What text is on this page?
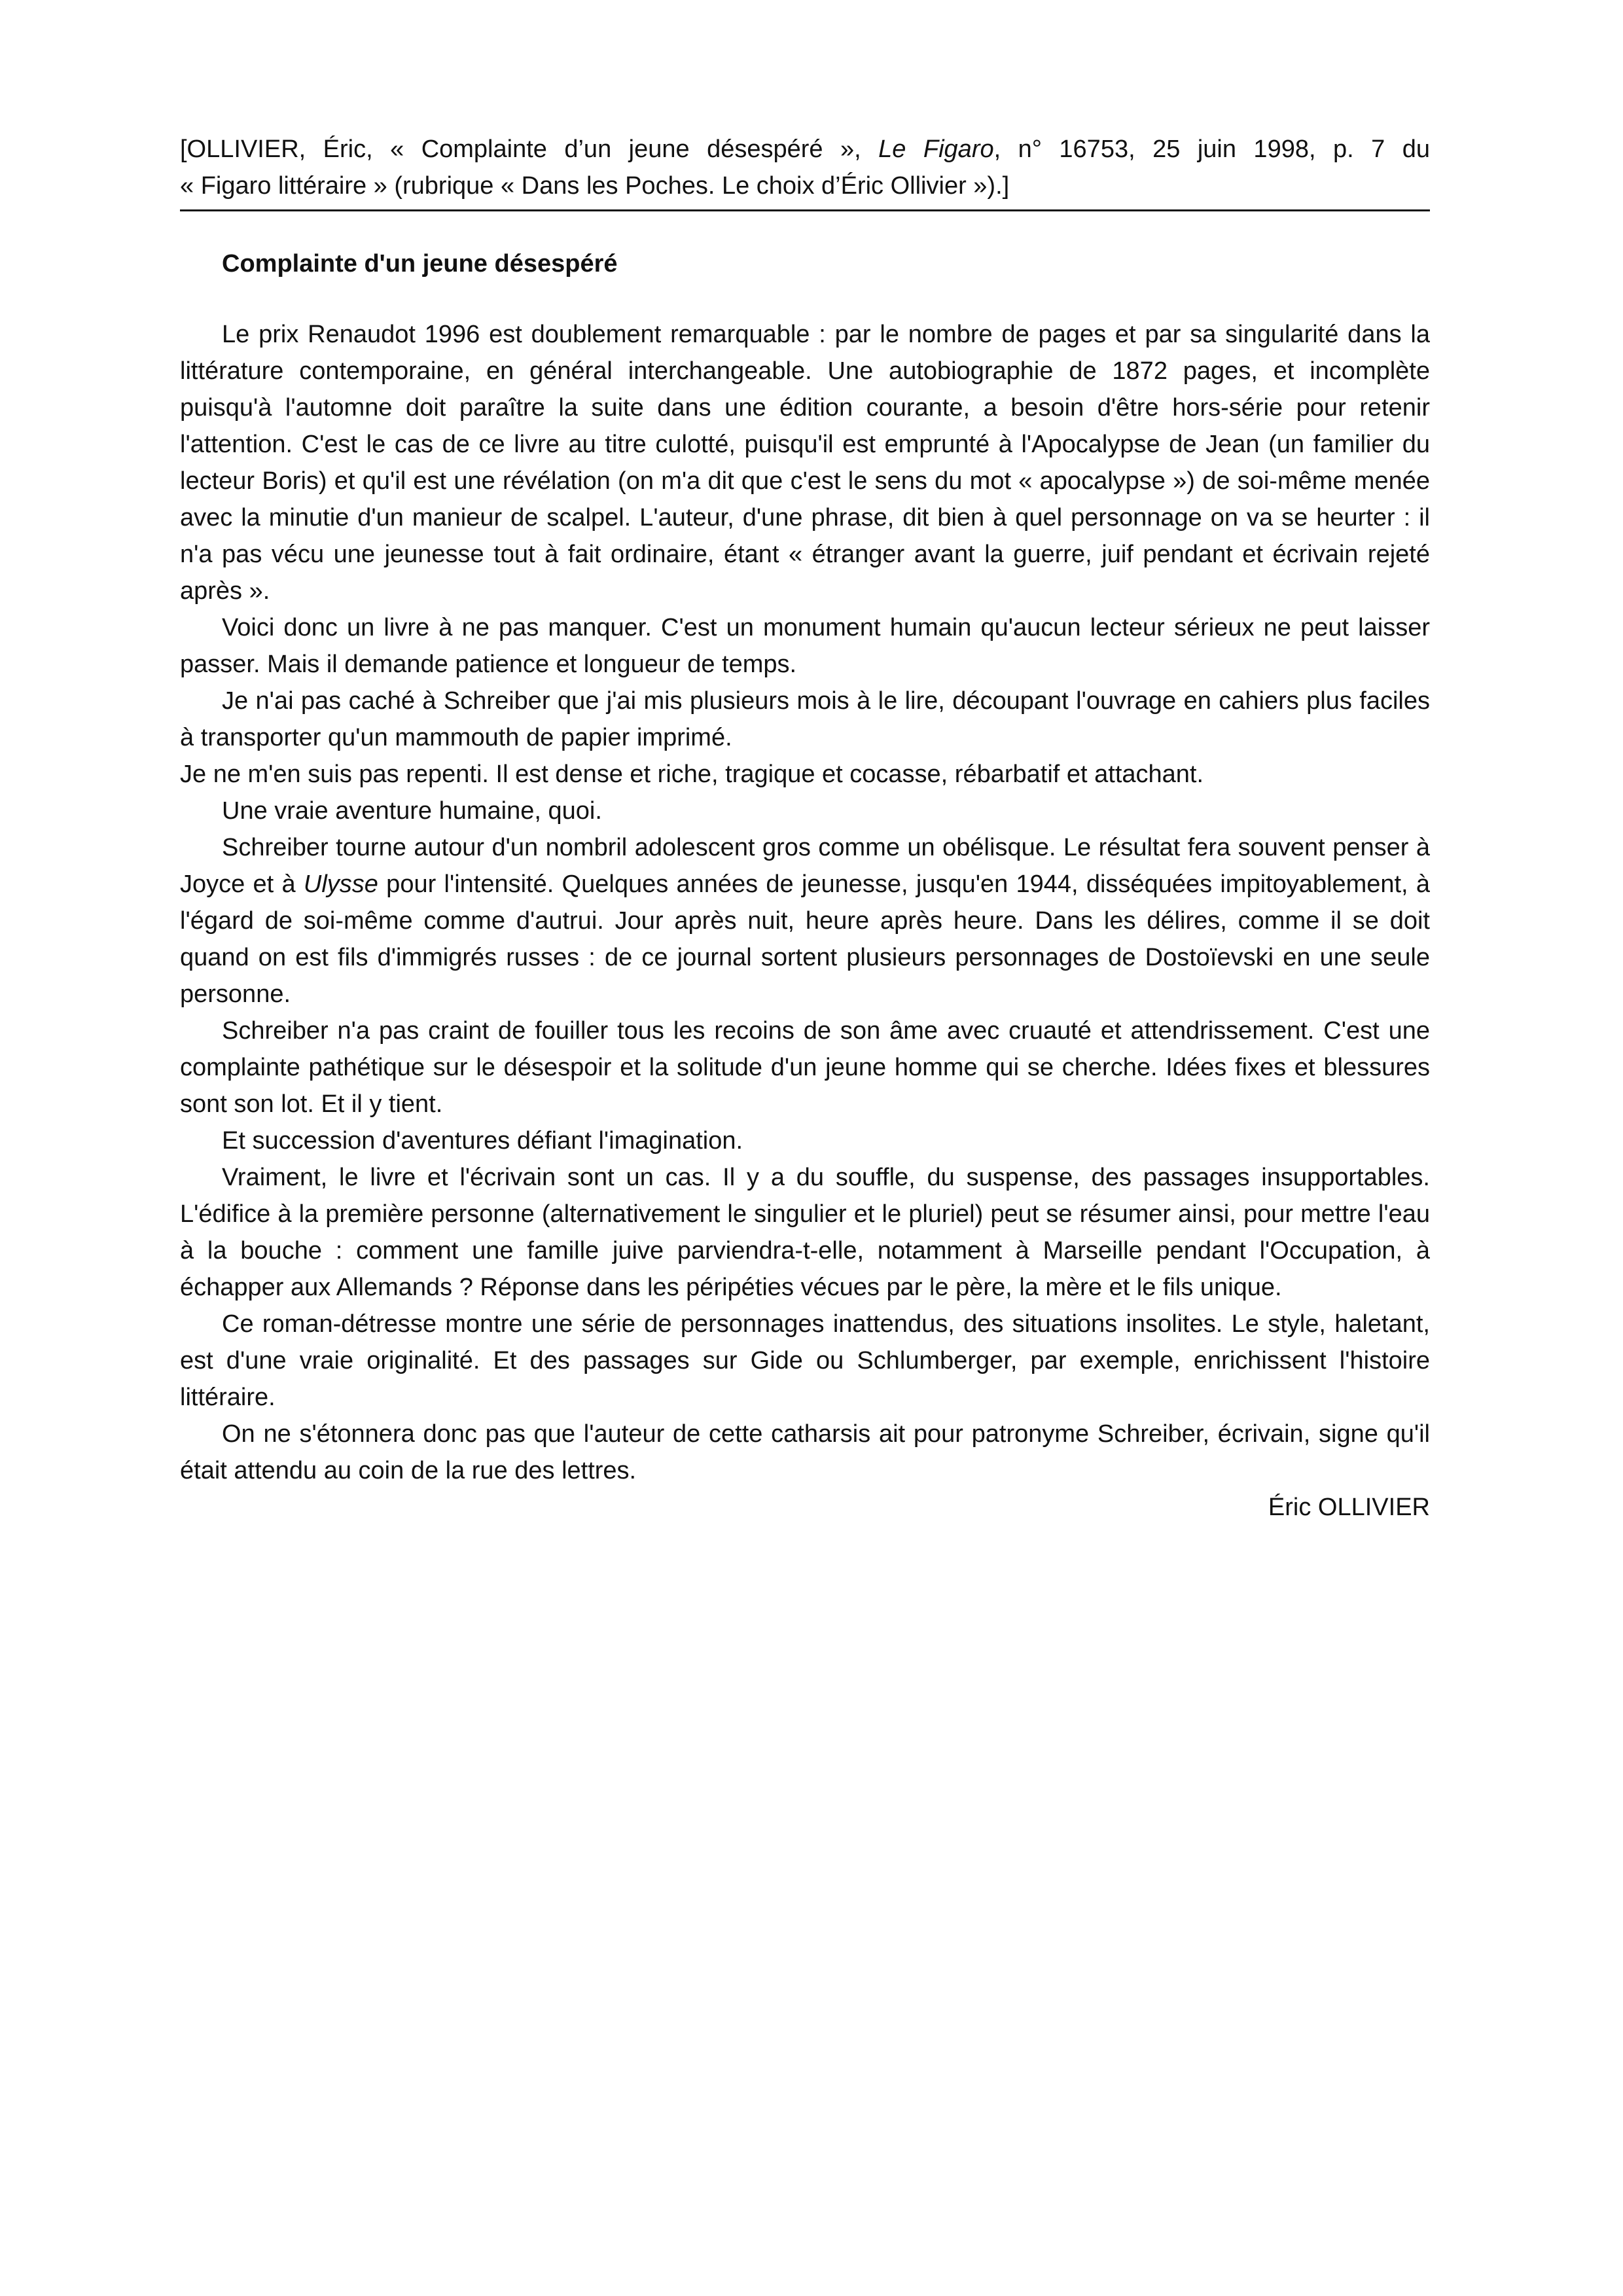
[OLLIVIER, Éric, « Complainte d’un jeune désespéré », Le Figaro, n° 16753, 25 juin 1998, p. 7 du
« Figaro littéraire » (rubrique « Dans les Poches. Le choix d’Éric Ollivier »).]
Complainte d'un jeune désespéré

Le prix Renaudot 1996 est doublement remarquable : par le nombre de pages et par sa singularité dans la littérature contemporaine, en général interchangeable. Une autobiographie de 1872 pages, et incomplète puisqu'à l'automne doit paraître la suite dans une édition courante, a besoin d'être hors-série pour retenir l'attention. C'est le cas de ce livre au titre culotté, puisqu'il est emprunté à l'Apocalypse de Jean (un familier du lecteur Boris) et qu'il est une révélation (on m'a dit que c'est le sens du mot « apocalypse ») de soi-même menée avec la minutie d'un manieur de scalpel. L'auteur, d'une phrase, dit bien à quel personnage on va se heurter : il n'a pas vécu une jeunesse tout à fait ordinaire, étant « étranger avant la guerre, juif pendant et écrivain rejeté après ».

Voici donc un livre à ne pas manquer. C'est un monument humain qu'aucun lecteur sérieux ne peut laisser passer. Mais il demande patience et longueur de temps.

Je n'ai pas caché à Schreiber que j'ai mis plusieurs mois à le lire, découpant l'ouvrage en cahiers plus faciles à transporter qu'un mammouth de papier imprimé.

Je ne m'en suis pas repenti. Il est dense et riche, tragique et cocasse, rébarbatif et attachant.

Une vraie aventure humaine, quoi.

Schreiber tourne autour d'un nombril adolescent gros comme un obélisque. Le résultat fera souvent penser à Joyce et à Ulysse pour l'intensité. Quelques années de jeunesse, jusqu'en 1944, disséquées impitoyablement, à l'égard de soi-même comme d'autrui. Jour après nuit, heure après heure. Dans les délires, comme il se doit quand on est fils d'immigrés russes : de ce journal sortent plusieurs personnages de Dostoïevski en une seule personne.

Schreiber n'a pas craint de fouiller tous les recoins de son âme avec cruauté et attendrissement. C'est une complainte pathétique sur le désespoir et la solitude d'un jeune homme qui se cherche. Idées fixes et blessures sont son lot. Et il y tient.

Et succession d'aventures défiant l'imagination.

Vraiment, le livre et l'écrivain sont un cas. Il y a du souffle, du suspense, des passages insupportables. L'édifice à la première personne (alternativement le singulier et le pluriel) peut se résumer ainsi, pour mettre l'eau à la bouche : comment une famille juive parviendra-t-elle, notamment à Marseille pendant l'Occupation, à échapper aux Allemands ? Réponse dans les péripéties vécues par le père, la mère et le fils unique.

Ce roman-détresse montre une série de personnages inattendus, des situations insolites. Le style, haletant, est d'une vraie originalité. Et des passages sur Gide ou Schlumberger, par exemple, enrichissent l'histoire littéraire.

On ne s'étonnera donc pas que l'auteur de cette catharsis ait pour patronyme Schreiber, écrivain, signe qu'il était attendu au coin de la rue des lettres.

Éric OLLIVIER
